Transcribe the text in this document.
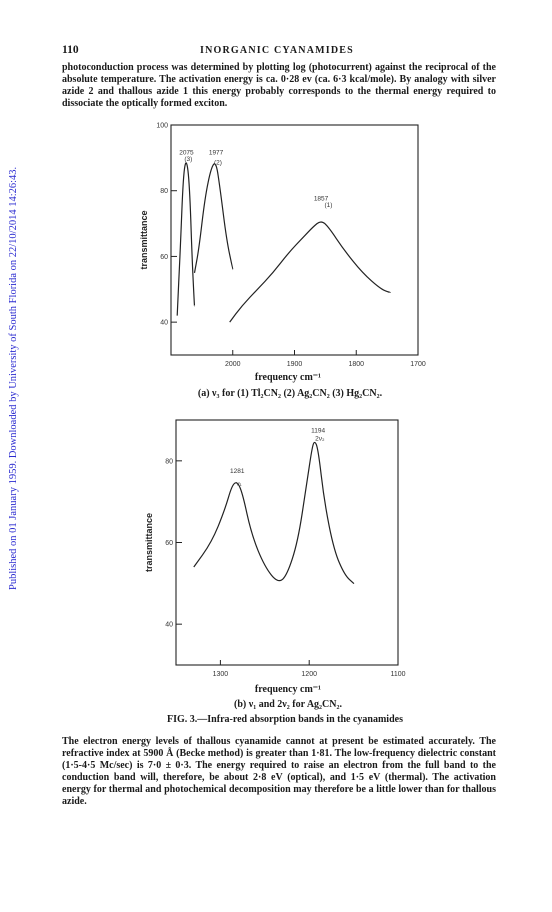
Published on 01 January 1959. Downloaded by University of South Florida on 22/10/2014 14:26:43.
110	INORGANIC CYANAMIDES
photoconduction process was determined by plotting log (photocurrent) against the reciprocal of the absolute temperature. The activation energy is ca. 0·28 ev (ca. 6·3 kcal/mole). By analogy with silver azide 2 and thallous azide 1 this energy probably corresponds to the thermal energy required to dissociate the optically formed exciton.
2000	1900	1800	1700
100
80
60
40
transmittance
2075
(3)
1977
(2)
1857
(1)
1300	1200	1100
80
60
40
transmittance
1194
2ν₂
1281
ν₁
frequency cm⁻¹
(a) ν₃ for (1) Tl₂CN₂ (2) Ag₂CN₂ (3) Hg₂CN₂.
frequency cm⁻¹
(b) ν₁ and 2ν₂ for Ag₂CN₂.
FIG. 3.—Infra-red absorption bands in the cyanamides
The electron energy levels of thallous cyanamide cannot at present be estimated accurately. The refractive index at 5900 Å (Becke method) is greater than 1·81. The low-frequency dielectric constant (1·5-4·5 Mc/sec) is 7·0 ± 0·3. The energy required to raise an electron from the full band to the conduction band will, therefore, be about 2·8 eV (optical), and 1·5 eV (thermal). The activation energy for thermal and photochemical decomposition may therefore be a little lower than for thallous azide.
